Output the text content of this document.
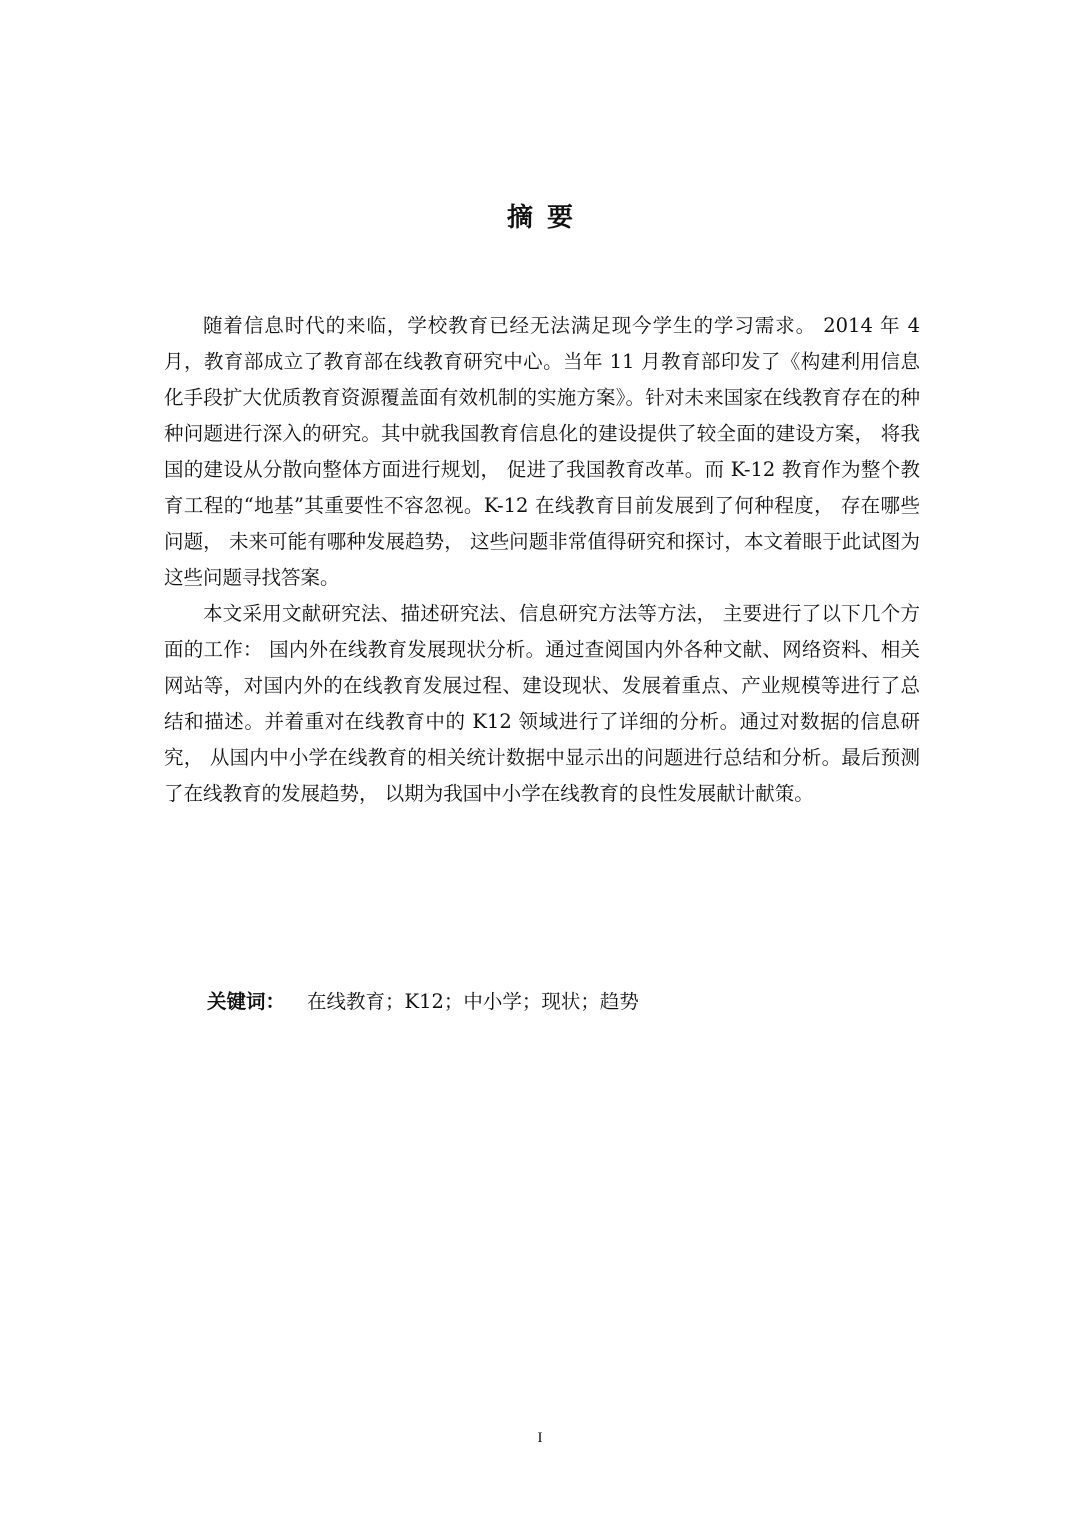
摘要

随着信息时代的来临，学校教育已经无法满足现今学生的学习需求。 2014 年 4 月，教育部成立了教育部在线教育研究中心。当年 11 月教育部印发了《构建利用信息化手段扩大优质教育资源覆盖面有效机制的实施方案》。针对未来国家在线教育存在的种种问题进行深入的研究。其中就我国教育信息化的建设提供了较全面的建设方案， 将我国的建设从分散向整体方面进行规划， 促进了我国教育改革。而 K-12 教育作为整个教育工程的“地基”其重要性不容忽视。K-12 在线教育目前发展到了何种程度， 存在哪些问题， 未来可能有哪种发展趋势， 这些问题非常值得研究和探讨，本文着眼于此试图为这些问题寻找答案。

本文采用文献研究法、描述研究法、信息研究方法等方法， 主要进行了以下几个方面的工作： 国内外在线教育发展现状分析。通过查阅国内外各种文献、网络资料、相关网站等，对国内外的在线教育发展过程、建设现状、发展着重点、产业规模等进行了总结和描述。并着重对在线教育中的 K12 领域进行了详细的分析。通过对数据的信息研究， 从国内中小学在线教育的相关统计数据中显示出的问题进行总结和分析。最后预测了在线教育的发展趋势， 以期为我国中小学在线教育的良性发展献计献策。

关键词： 在线教育；K12；中小学；现状；趋势
I
